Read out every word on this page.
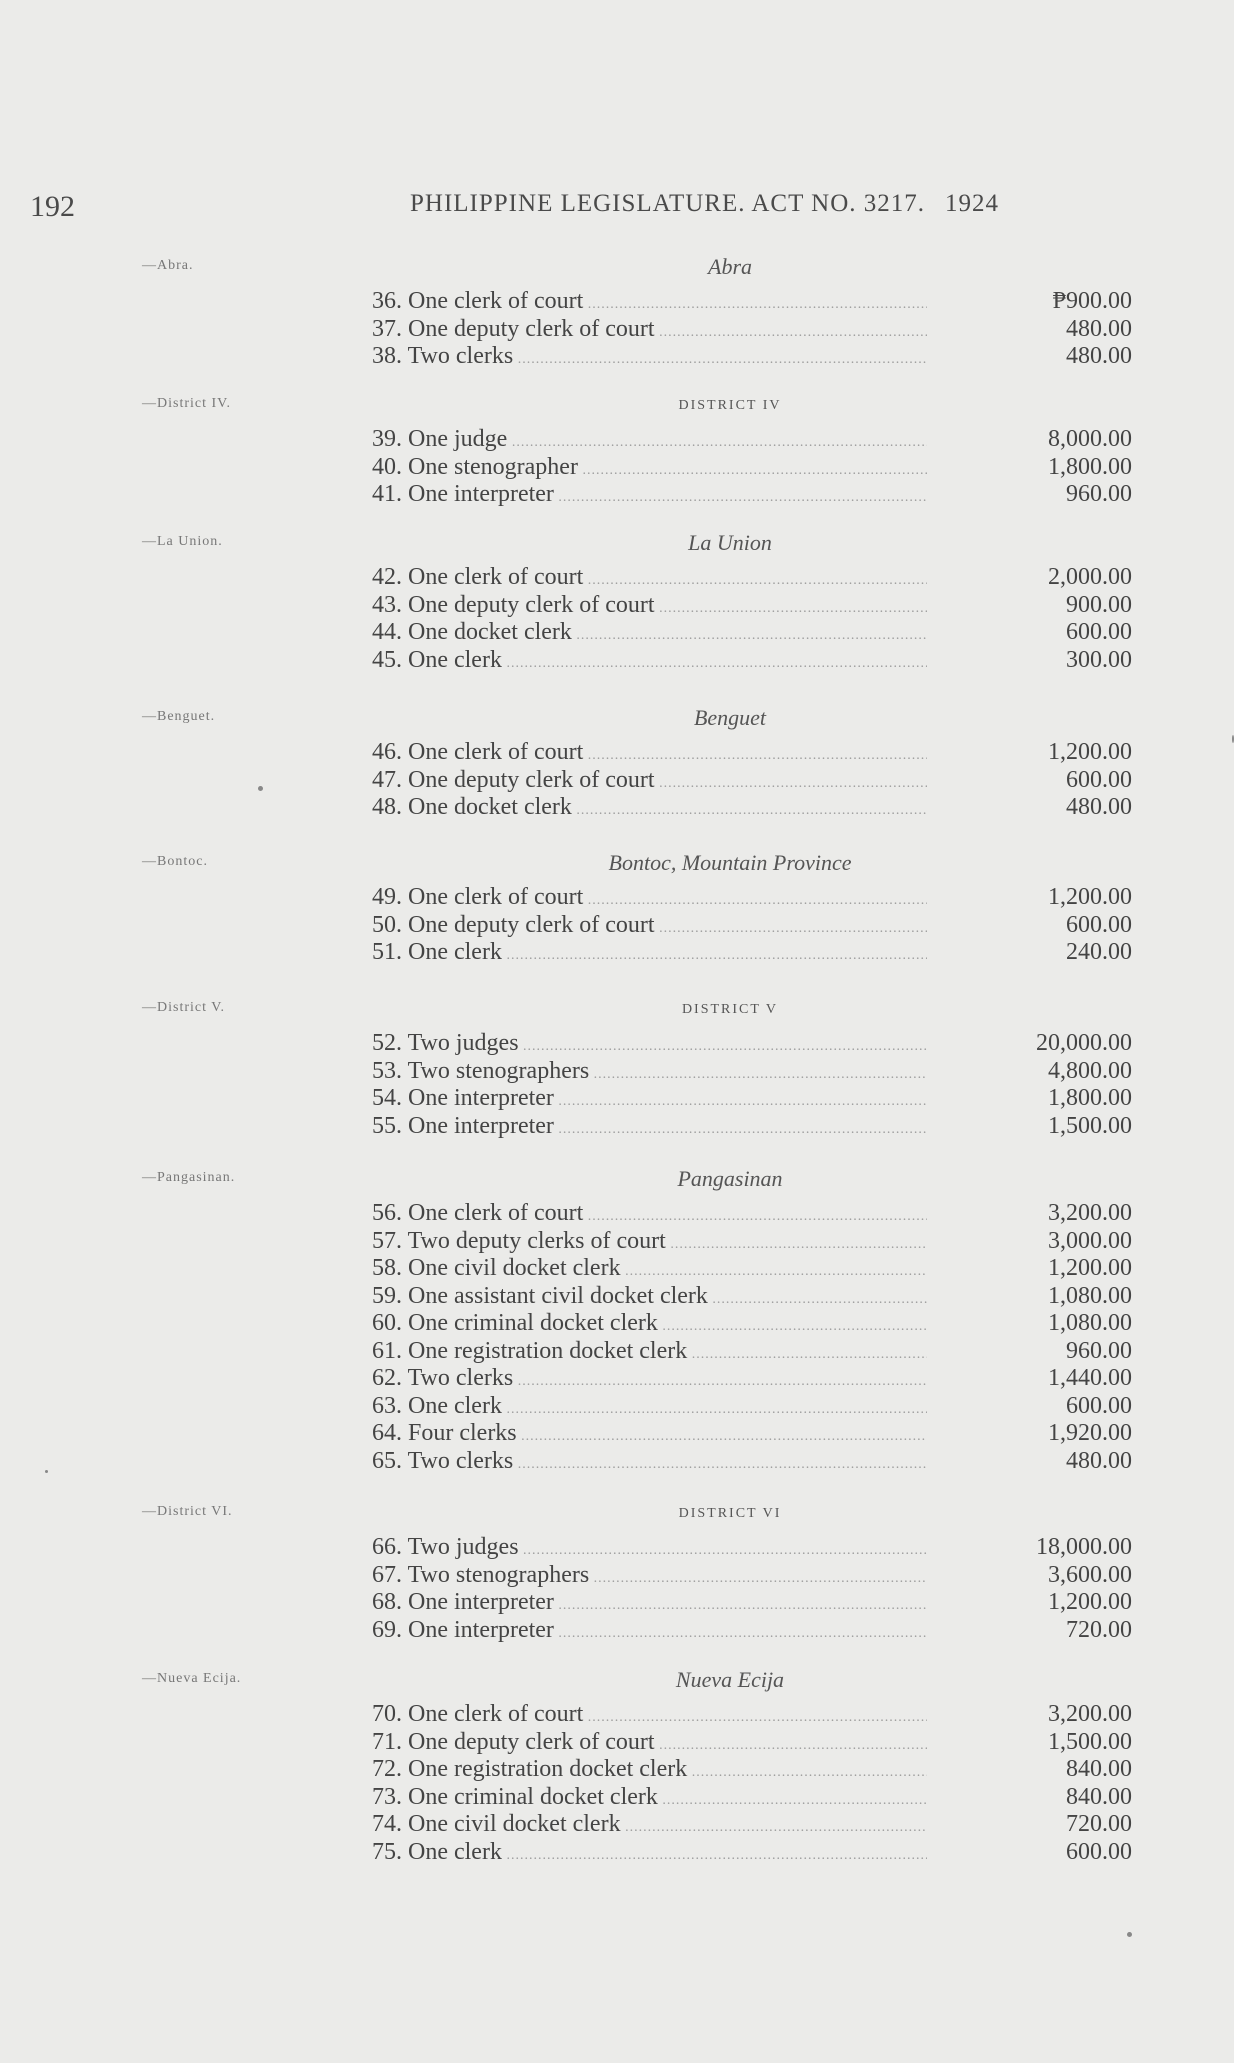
192	PHILIPPINE LEGISLATURE. ACT NO. 3217. 1924
—Abra.	Abra
36. One clerk of court .....	₱900.00
37. One deputy clerk of court .....	480.00
38. Two clerks .....	480.00
—District IV.	DISTRICT IV
39. One judge .....	8,000.00
40. One stenographer .....	1,800.00
41. One interpreter .....	960.00
—La Union.	La Union
42. One clerk of court .....	2,000.00
43. One deputy clerk of court .....	900.00
44. One docket clerk .....	600.00
45. One clerk .....	300.00
—Benguet.	Benguet
46. One clerk of court .....	1,200.00
47. One deputy clerk of court .....	600.00
48. One docket clerk .....	480.00
—Bontoc.	Bontoc, Mountain Province
49. One clerk of court .....	1,200.00
50. One deputy clerk of court .....	600.00
51. One clerk .....	240.00
—District V.	DISTRICT V
52. Two judges .....	20,000.00
53. Two stenographers .....	4,800.00
54. One interpreter .....	1,800.00
55. One interpreter .....	1,500.00
—Pangasinan.	Pangasinan
56. One clerk of court .....	3,200.00
57. Two deputy clerks of court .....	3,000.00
58. One civil docket clerk .....	1,200.00
59. One assistant civil docket clerk .....	1,080.00
60. One criminal docket clerk .....	1,080.00
61. One registration docket clerk .....	960.00
62. Two clerks .....	1,440.00
63. One clerk .....	600.00
64. Four clerks .....	1,920.00
65. Two clerks .....	480.00
—District VI.	DISTRICT VI
66. Two judges .....	18,000.00
67. Two stenographers .....	3,600.00
68. One interpreter .....	1,200.00
69. One interpreter .....	720.00
—Nueva Ecija.	Nueva Ecija
70. One clerk of court .....	3,200.00
71. One deputy clerk of court .....	1,500.00
72. One registration docket clerk .....	840.00
73. One criminal docket clerk .....	840.00
74. One civil docket clerk .....	720.00
75. One clerk .....	600.00
